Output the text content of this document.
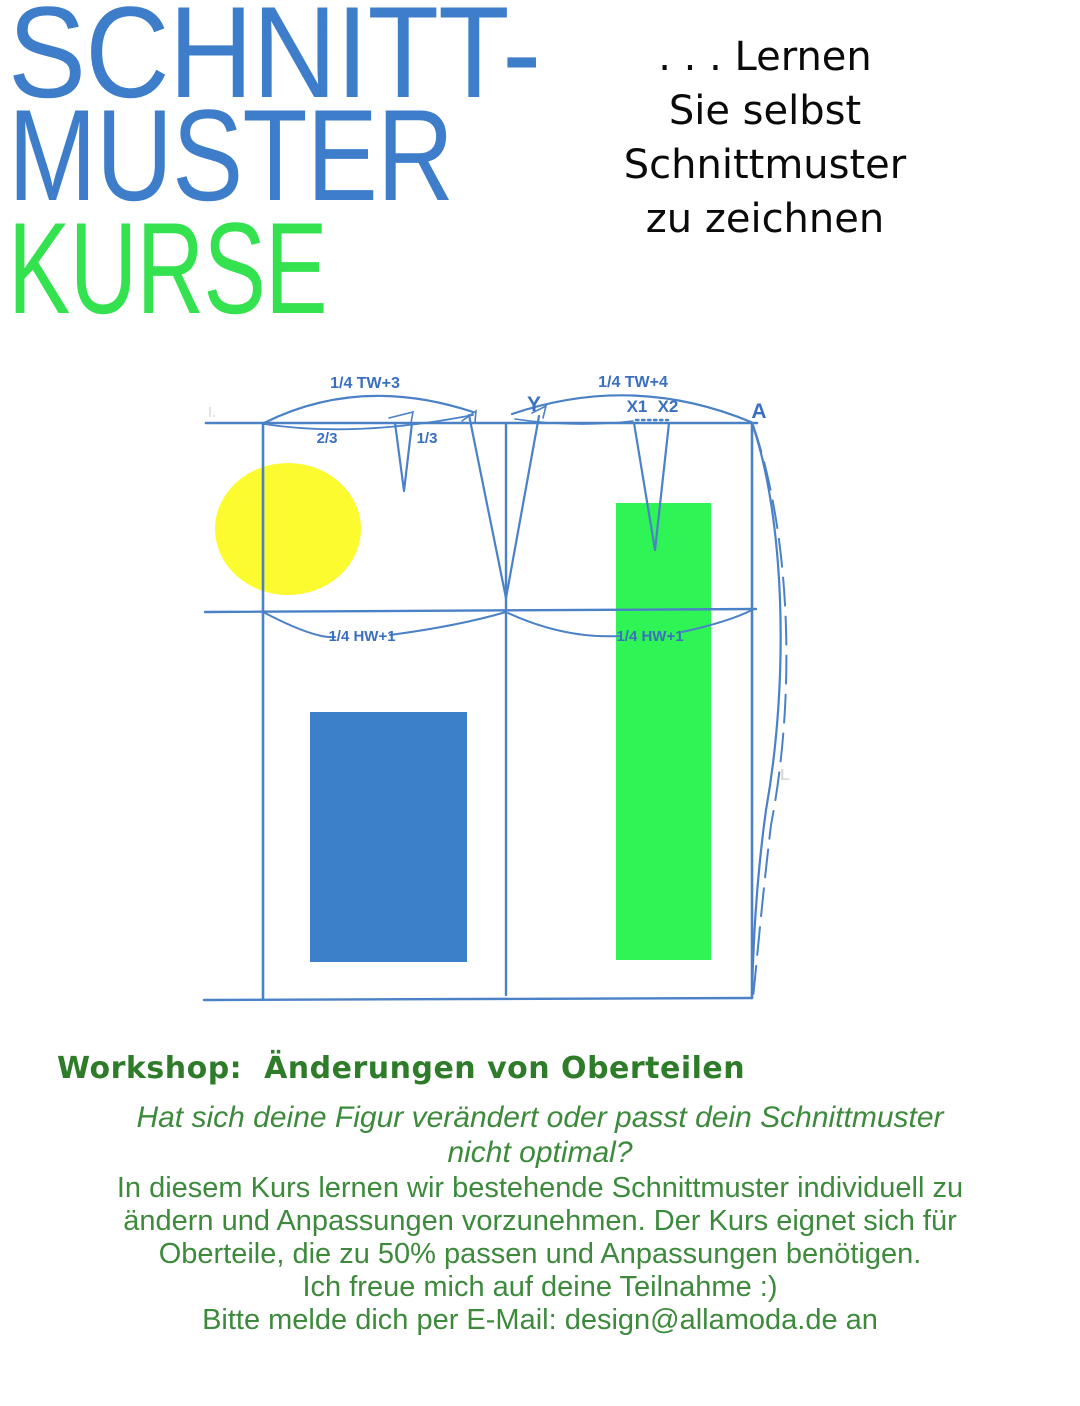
SCHNITT-
MUSTER
KURSE
. . . Lernen
Sie selbst
Schnittmuster
zu zeichnen
L
l.
1/4 TW+3	1/4 TW+4
2/3	1/3
Y	X1 X2	A
1/4 HW+1	1/4 HW+1
Workshop:  Änderungen von Oberteilen
Hat sich deine Figur verändert oder passt dein Schnittmuster
nicht optimal?
In diesem Kurs lernen wir bestehende Schnittmuster individuell zu
ändern und Anpassungen vorzunehmen. Der Kurs eignet sich für
Oberteile, die zu 50% passen und Anpassungen benötigen.
Ich freue mich auf deine Teilnahme :)
Bitte melde dich per E-Mail: design@allamoda.de an
